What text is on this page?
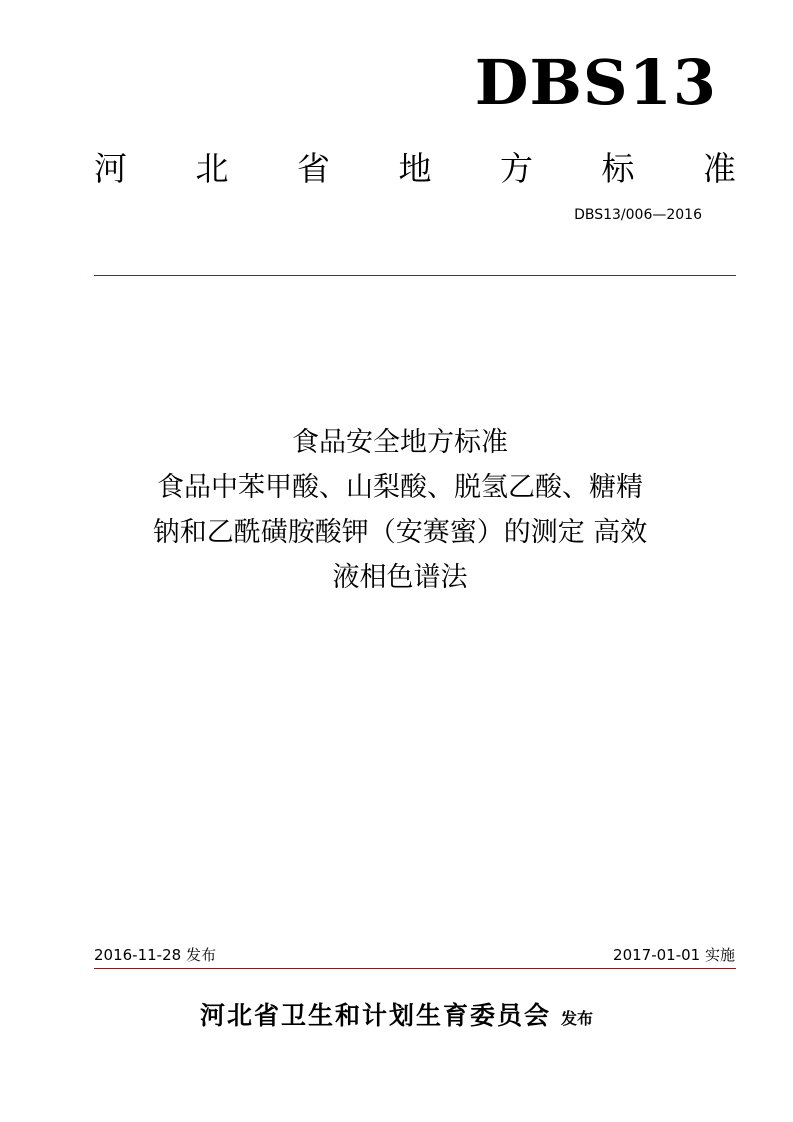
DBS13
河 北 省 地 方 标 准
DBS13/006—2016
食品安全地方标准
食品中苯甲酸、山梨酸、脱氢乙酸、糖精
钠和乙酰磺胺酸钾（安赛蜜）的测定 高效
液相色谱法
2016-11-28 发布	2017-01-01 实施
河北省卫生和计划生育委员会 发布
